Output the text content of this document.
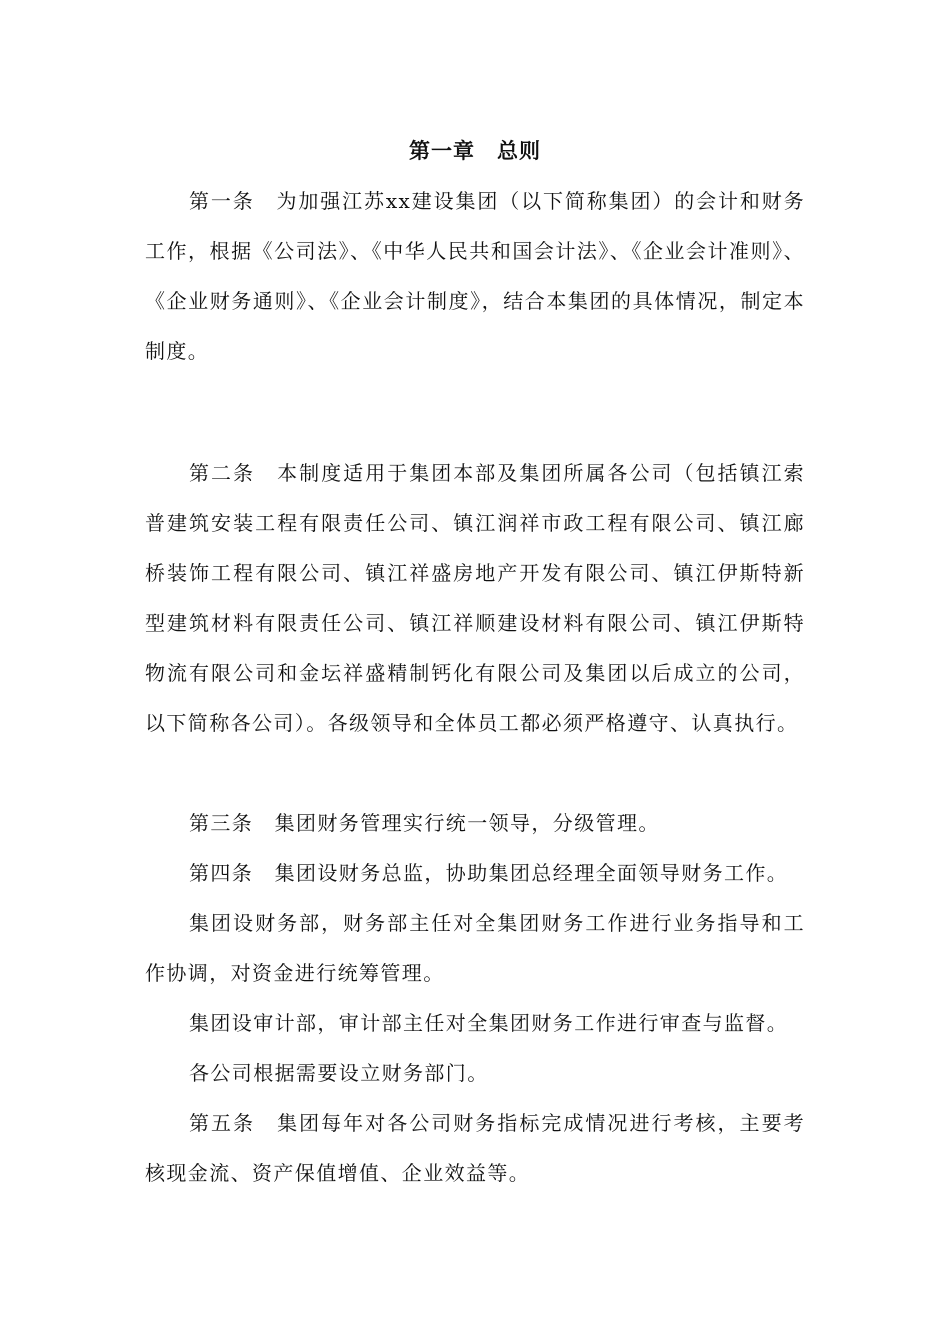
第一章　总则

第一条　为加强江苏xx建设集团（以下简称集团）的会计和财务工作，根据《公司法》、《中华人民共和国会计法》、《企业会计准则》、《企业财务通则》、《企业会计制度》，结合本集团的具体情况，制定本制度。

第二条　本制度适用于集团本部及集团所属各公司（包括镇江索普建筑安装工程有限责任公司、镇江润祥市政工程有限公司、镇江廊桥装饰工程有限公司、镇江祥盛房地产开发有限公司、镇江伊斯特新型建筑材料有限责任公司、镇江祥顺建设材料有限公司、镇江伊斯特物流有限公司和金坛祥盛精制钙化有限公司及集团以后成立的公司，以下简称各公司）。各级领导和全体员工都必须严格遵守、认真执行。

第三条　集团财务管理实行统一领导，分级管理。

第四条　集团设财务总监，协助集团总经理全面领导财务工作。

集团设财务部，财务部主任对全集团财务工作进行业务指导和工作协调，对资金进行统筹管理。

集团设审计部，审计部主任对全集团财务工作进行审查与监督。

各公司根据需要设立财务部门。

第五条　集团每年对各公司财务指标完成情况进行考核，主要考核现金流、资产保值增值、企业效益等。
